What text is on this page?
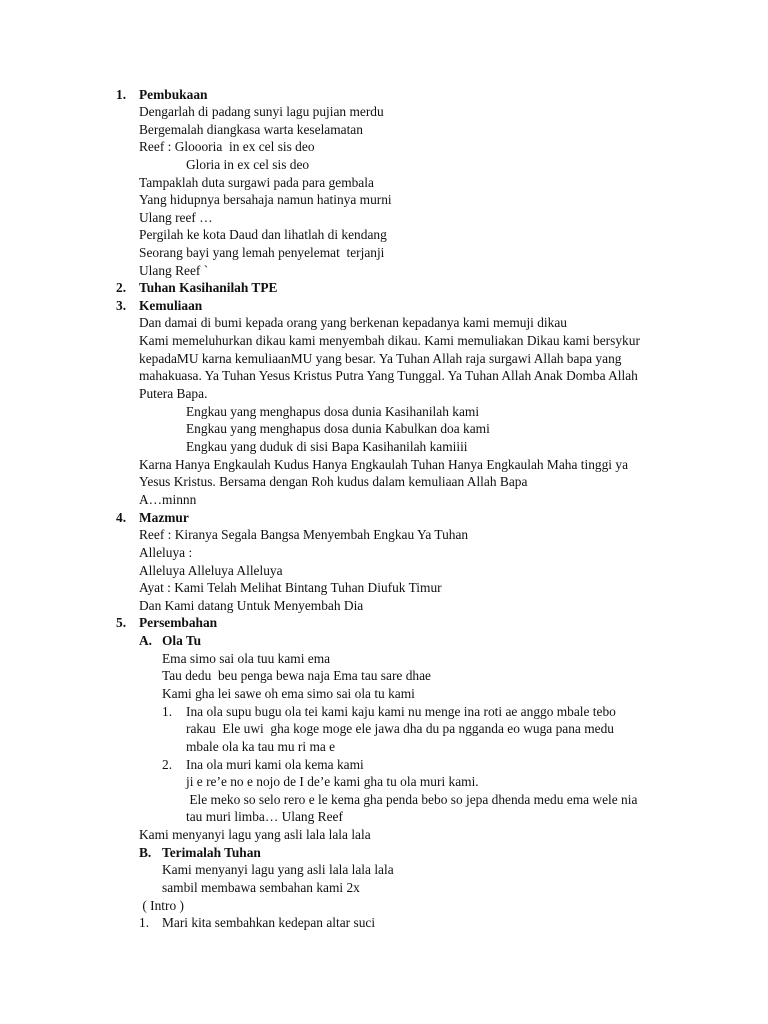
1. Pembukaan
Dengarlah di padang sunyi lagu pujian merdu
Bergemalah diangkasa warta keselamatan
Reef : Gloooria  in ex cel sis deo
Gloria in ex cel sis deo
Tampaklah duta surgawi pada para gembala
Yang hidupnya bersahaja namun hatinya murni
Ulang reef …
Pergilah ke kota Daud dan lihatlah di kendang
Seorang bayi yang lemah penyelemat  terjanji
Ulang Reef `
2. Tuhan Kasihanilah TPE
3. Kemuliaan
Dan damai di bumi kepada orang yang berkenan kepadanya kami memuji dikau
Kami memeluhurkan dikau kami menyembah dikau. Kami memuliakan Dikau kami bersykur
kepadaMU karna kemuliaanMU yang besar. Ya Tuhan Allah raja surgawi Allah bapa yang
mahakuasa. Ya Tuhan Yesus Kristus Putra Yang Tunggal. Ya Tuhan Allah Anak Domba Allah
Putera Bapa.
Engkau yang menghapus dosa dunia Kasihanilah kami
Engkau yang menghapus dosa dunia Kabulkan doa kami
Engkau yang duduk di sisi Bapa Kasihanilah kamiiii
Karna Hanya Engkaulah Kudus Hanya Engkaulah Tuhan Hanya Engkaulah Maha tinggi ya
Yesus Kristus. Bersama dengan Roh kudus dalam kemuliaan Allah Bapa
A…minnn
4. Mazmur
Reef : Kiranya Segala Bangsa Menyembah Engkau Ya Tuhan
Alleluya :
Alleluya Alleluya Alleluya
Ayat : Kami Telah Melihat Bintang Tuhan Diufuk Timur
Dan Kami datang Untuk Menyembah Dia
5. Persembahan
A. Ola Tu
Ema simo sai ola tuu kami ema
Tau dedu  beu penga bewa naja Ema tau sare dhae
Kami gha lei sawe oh ema simo sai ola tu kami
1. Ina ola supu bugu ola tei kami kaju kami nu menge ina roti ae anggo mbale tebo
rakau  Ele uwi  gha koge moge ele jawa dha du pa ngganda eo wuga pana medu
mbale ola ka tau mu ri ma e
2. Ina ola muri kami ola kema kami
ji e re’e no e nojo de I de’e kami gha tu ola muri kami.
Ele meko so selo rero e le kema gha penda bebo so jepa dhenda medu ema wele nia
tau muri limba… Ulang Reef
Kami menyanyi lagu yang asli lala lala lala
B. Terimalah Tuhan
Kami menyanyi lagu yang asli lala lala lala
sambil membawa sembahan kami 2x
( Intro )
1. Mari kita sembahkan kedepan altar suci
